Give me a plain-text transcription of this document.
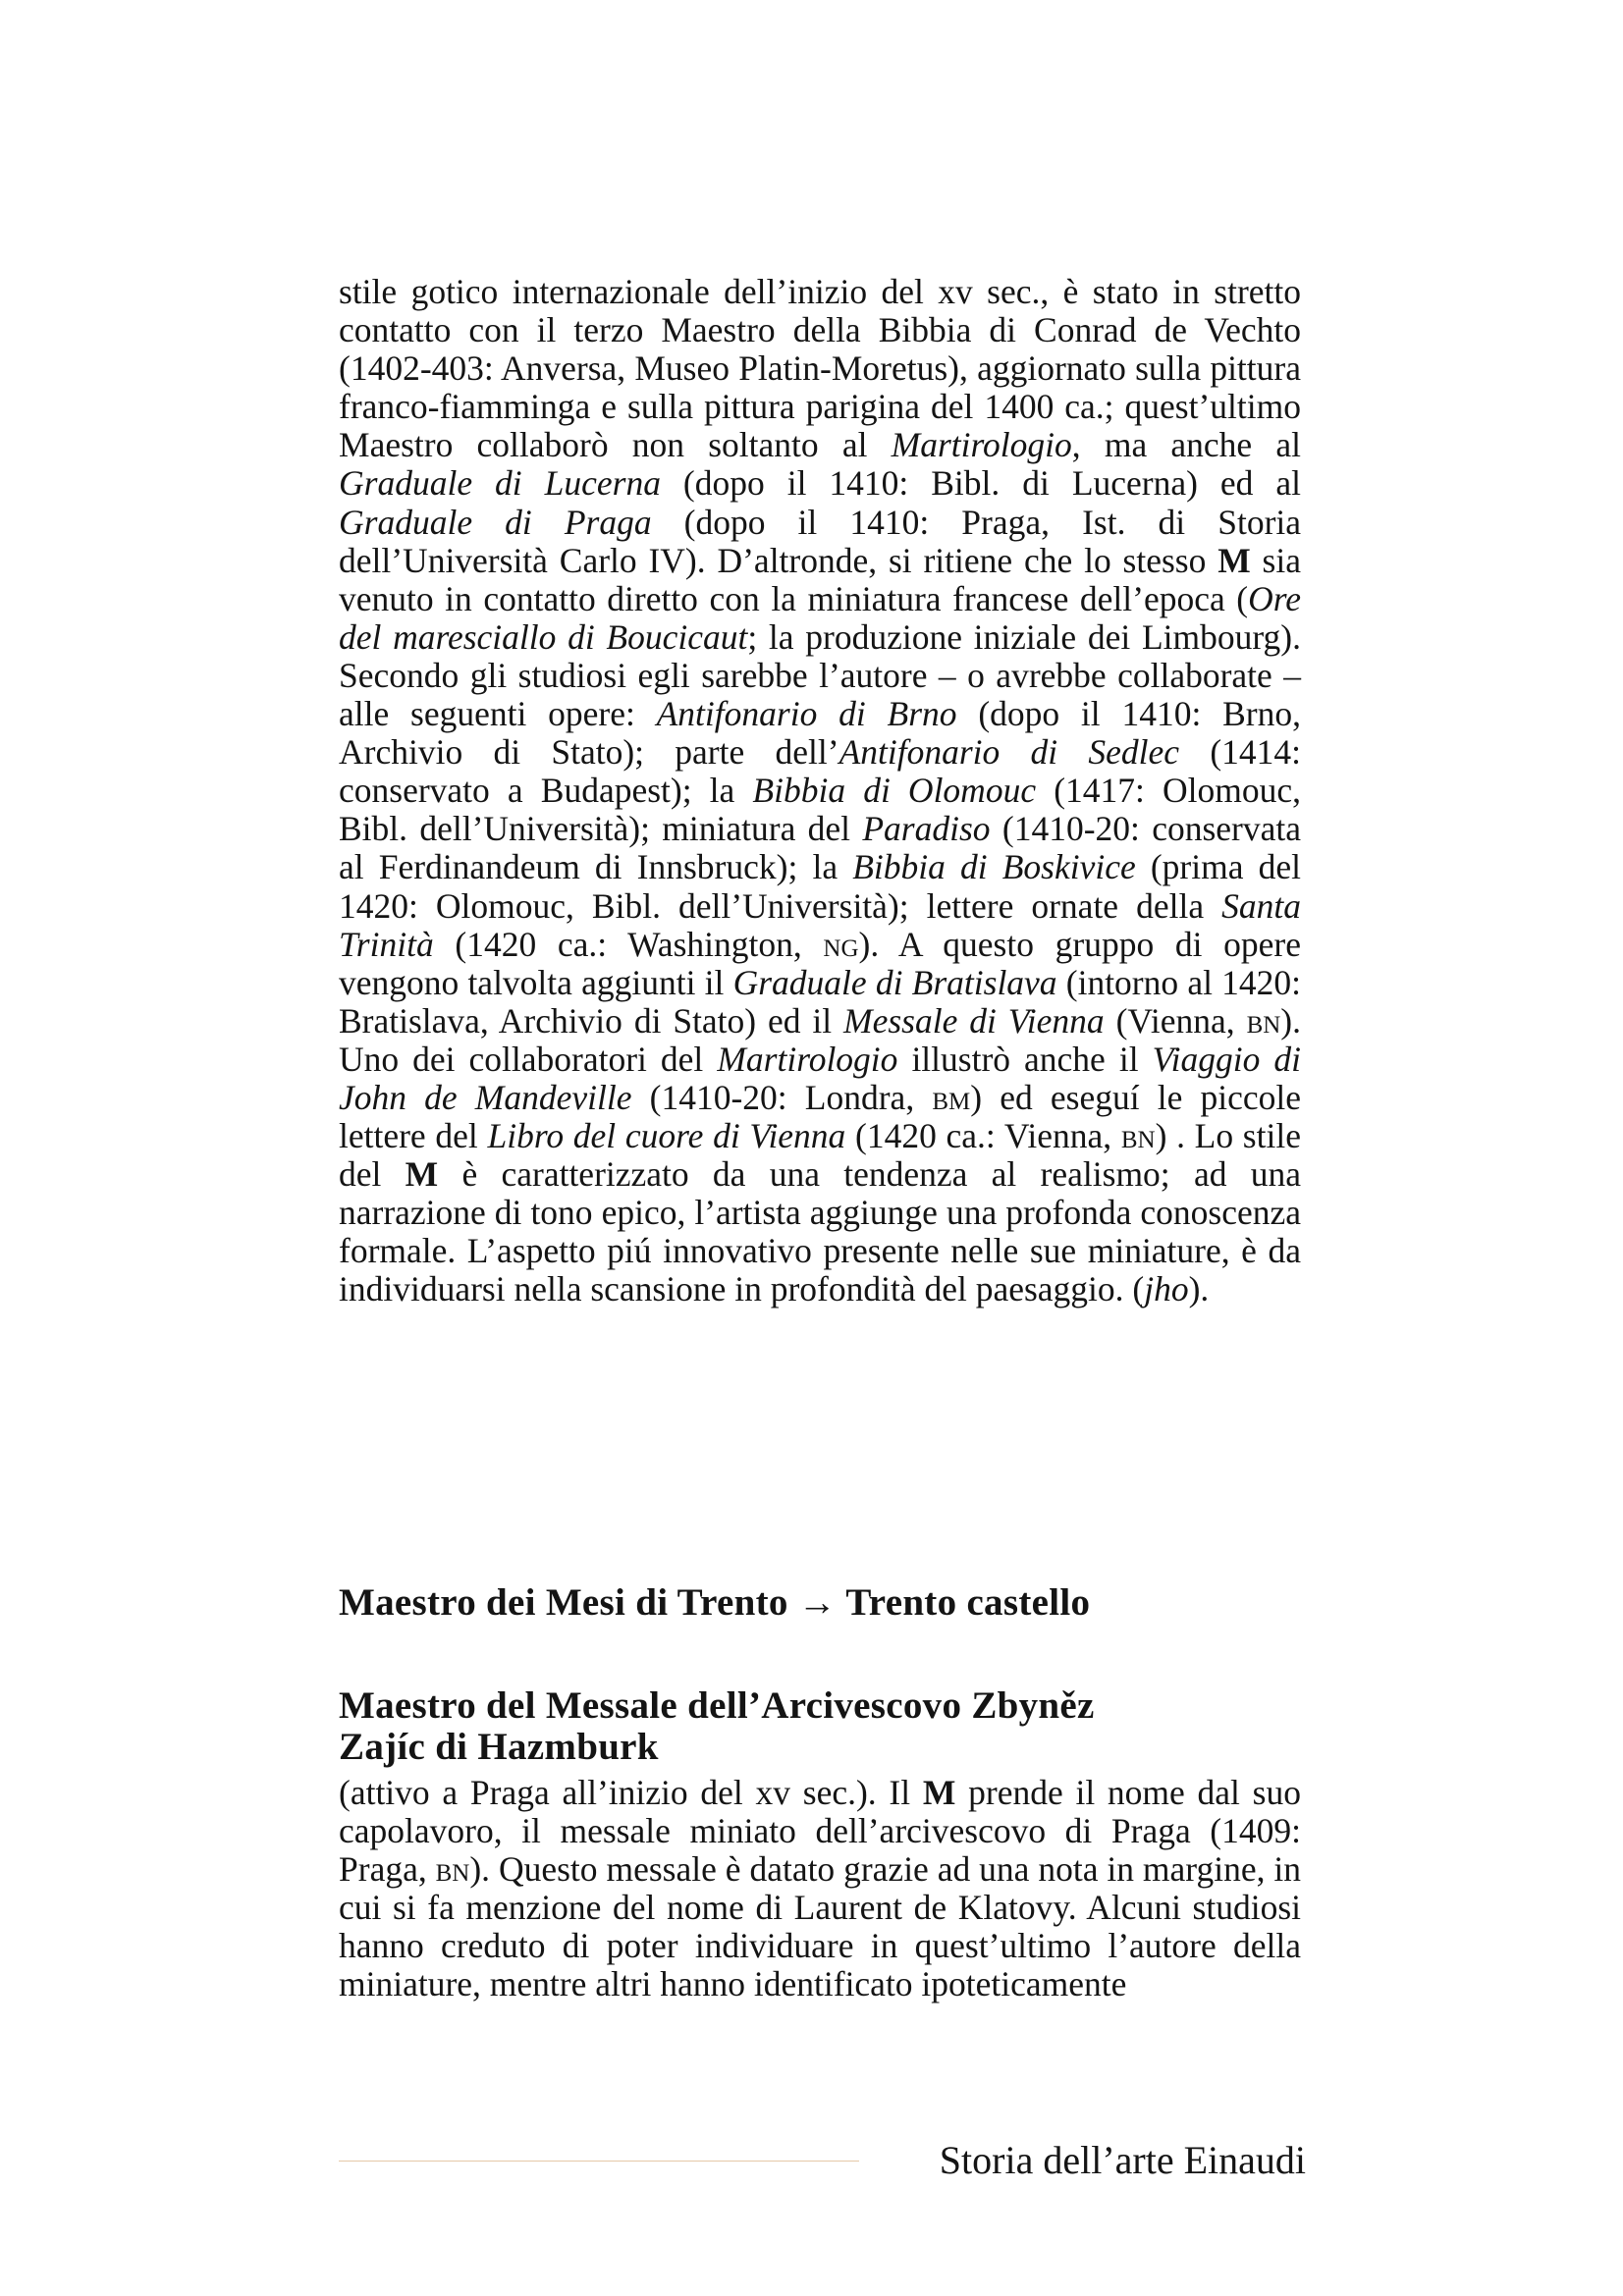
stile gotico internazionale dell’inizio del xv sec., è stato in stretto contatto con il terzo Maestro della Bibbia di Conrad de Vechto (1402-403: Anversa, Museo Platin-Moretus), aggiornato sulla pittura franco-fiamminga e sulla pittura parigina del 1400 ca.; quest’ultimo Maestro collaborò non soltanto al Martirologio, ma anche al Graduale di Lucerna (dopo il 1410: Bibl. di Lucerna) ed al Graduale di Praga (dopo il 1410: Praga, Ist. di Storia dell’Università Carlo IV). D’altronde, si ritiene che lo stesso M sia venuto in contatto diretto con la miniatura francese dell’epoca (Ore del maresciallo di Boucicaut; la produzione iniziale dei Limbourg). Secondo gli studiosi egli sarebbe l’autore – o avrebbe collaborate – alle seguenti opere: Antifonario di Brno (dopo il 1410: Brno, Archivio di Stato); parte dell’Antifonario di Sedlec (1414: conservato a Budapest); la Bibbia di Olomouc (1417: Olomouc, Bibl. dell’Università); miniatura del Paradiso (1410-20: conservata al Ferdinandeum di Innsbruck); la Bibbia di Boskivice (prima del 1420: Olomouc, Bibl. dell’Università); lettere ornate della Santa Trinità (1420 ca.: Washington, ng). A questo gruppo di opere vengono talvolta aggiunti il Graduale di Bratislava (intorno al 1420: Bratislava, Archivio di Stato) ed il Messale di Vienna (Vienna, bn). Uno dei collaboratori del Martirologio illustrò anche il Viaggio di John de Mandeville (1410-20: Londra, bm) ed eseguí le piccole lettere del Libro del cuore di Vienna (1420 ca.: Vienna, bn) . Lo stile del M è caratterizzato da una tendenza al realismo; ad una narrazione di tono epico, l’artista aggiunge una profonda conoscenza formale. L’aspetto piú innovativo presente nelle sue miniature, è da individuarsi nella scansione in profondità del paesaggio. (jho).

Maestro dei Mesi di Trento → Trento castello
Maestro del Messale dell’Arcivescovo Zbyněz
Zajíc di Hazmburk

(attivo a Praga all’inizio del xv sec.). Il M prende il nome dal suo capolavoro, il messale miniato dell’arcivescovo di Praga (1409: Praga, bn). Questo messale è datato grazie ad una nota in margine, in cui si fa menzione del nome di Laurent de Klatovy. Alcuni studiosi hanno creduto di poter individuare in quest’ultimo l’autore della miniature, mentre altri hanno identificato ipoteticamente

Storia dell’arte Einaudi
